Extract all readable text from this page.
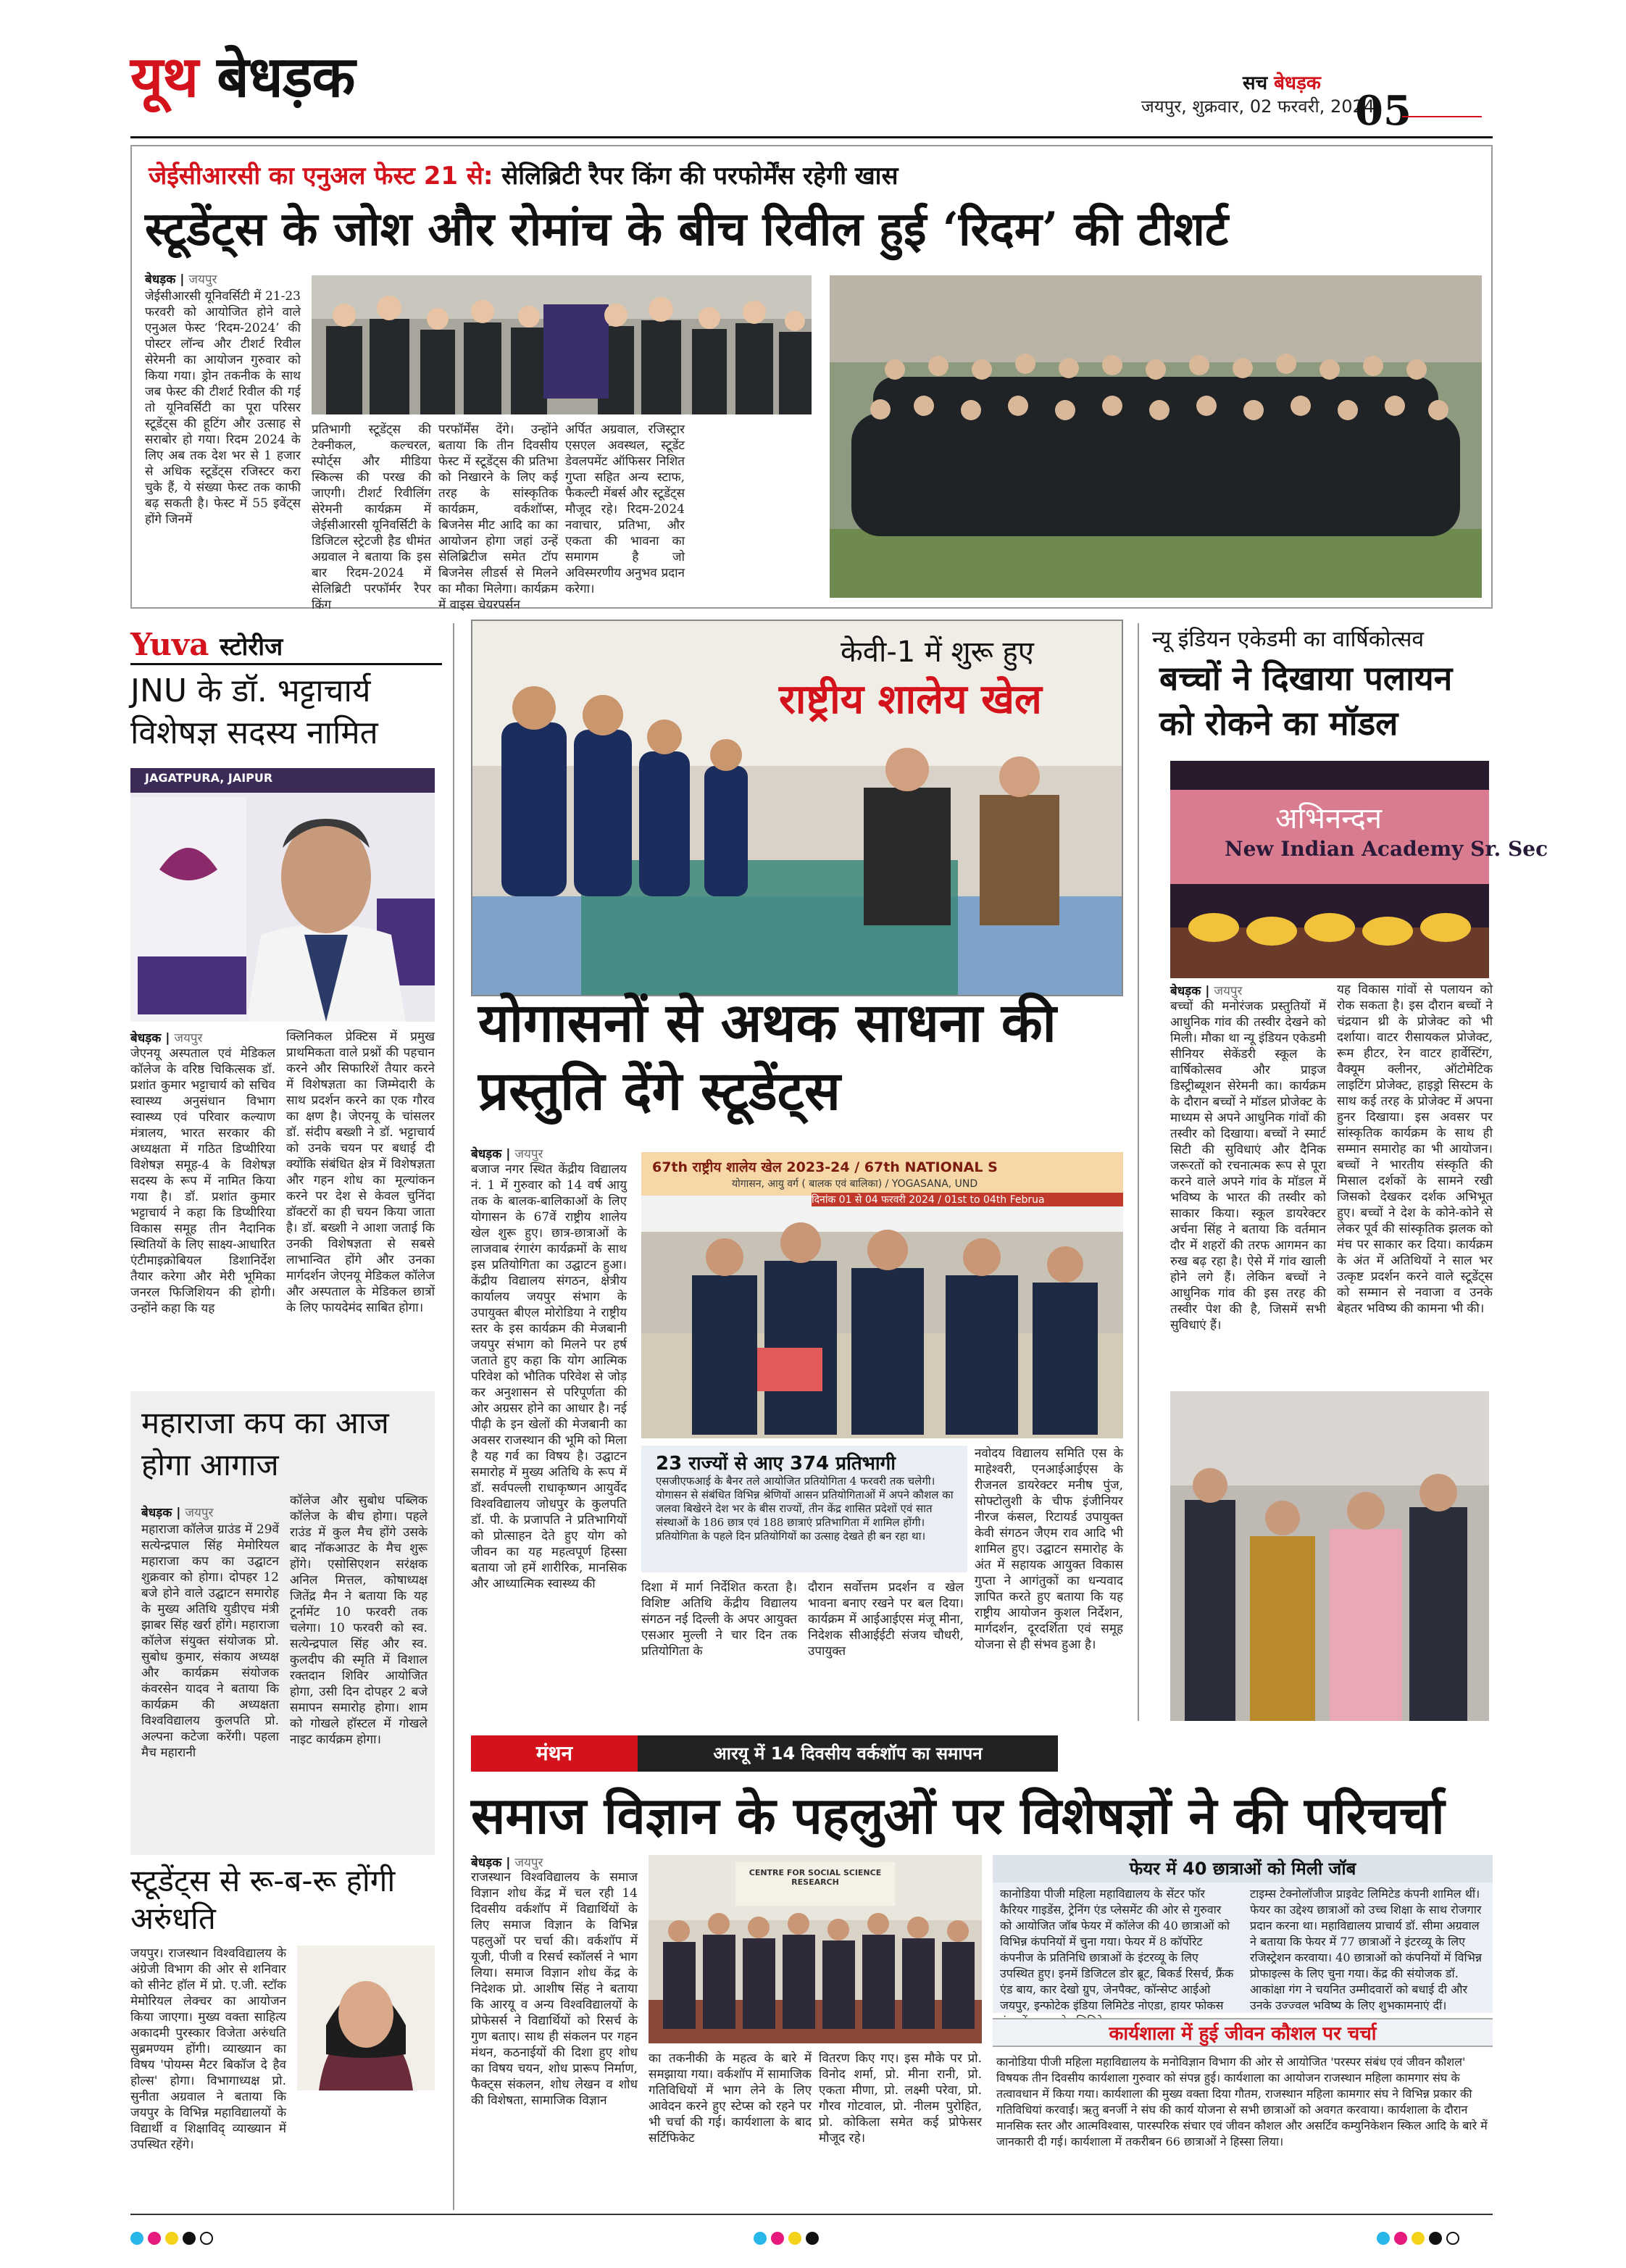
यूथ बेधड़क	सच बेधड़क
जयपुर, शुक्रवार, 02 फरवरी, 2024
05
जेईसीआरसी का एनुअल फेस्ट 21 से: सेलिब्रिटी रैपर किंग की परफोर्मेंस रहेगी खास
स्टूडेंट्स के जोश और रोमांच के बीच रिवील हुई ‘रिदम’ की टीशर्ट
बेधड़क | जयपुर
जेईसीआरसी यूनिवर्सिटी में 21-23 फरवरी को आयोजित होने वाले एनुअल फेस्ट ‘रिदम-2024’ की पोस्टर लॉन्च और टीशर्ट रिवील सेरेमनी का आयोजन गुरुवार को किया गया। ड्रोन तकनीक के साथ जब फेस्ट की टीशर्ट रिवील की गई तो यूनिवर्सिटी का पूरा परिसर स्टूडेंट्स की हूटिंग और उत्साह से सराबोर हो गया। रिदम 2024 के लिए अब तक देश भर से 1 हजार से अधिक स्टूडेंट्स रजिस्टर करा चुके हैं, ये संख्या फेस्ट तक काफी बढ़ सकती है। फेस्ट में 55 इवेंट्स होंगे जिनमें
प्रतिभागी स्टूडेंट्स की टेक्नीकल, कल्चरल, स्पोर्ट्स और मीडिया स्किल्स की परख की जाएगी। टीशर्ट रिवीलिंग सेरेमनी कार्यक्रम में जेईसीआरसी यूनिवर्सिटी के डिजिटल स्ट्रेटजी हैड धीमंत अग्रवाल ने बताया कि इस बार रिदम-2024 में सेलिब्रिटी परफॉर्मर रैपर किंग
परफॉर्मेंस देंगे। उन्होंने बताया कि तीन दिवसीय फेस्ट में स्टूडेंट्स की प्रतिभा को निखारने के लिए कई तरह के सांस्कृतिक कार्यक्रम, वर्कशॉप्स, बिजनेस मीट आदि का का आयोजन होगा जहां उन्हें सेलिब्रिटीज समेत टॉप बिजनेस लीडर्स से मिलने का मौका मिलेगा। कार्यक्रम में वाइस चेयरपर्सन
अर्पित अग्रवाल, रजिस्ट्रार एसएल अवस्थल, स्टूडेंट डेवलपमेंट ऑफिसर निशित गुप्ता सहित अन्य स्टाफ, फैकल्टी मेंबर्स और स्टूडेंट्स मौजूद रहे। रिदम-2024 नवाचार, प्रतिभा, और एकता की भावना का समागम है जो अविस्मरणीय अनुभव प्रदान करेगा।
Yuva स्टोरीज
JNU के डॉ. भट्टाचार्य विशेषज्ञ सदस्य नामित
JAGATPURA, JAIPUR
बेधड़क | जयपुर
जेएनयू अस्पताल एवं मेडिकल कॉलेज के वरिष्ठ चिकित्सक डॉ. प्रशांत कुमार भट्टाचार्य को सचिव स्वास्थ्य अनुसंधान विभाग स्वास्थ्य एवं परिवार कल्याण मंत्रालय, भारत सरकार की अध्यक्षता में गठित डिप्थीरिया विशेषज्ञ समूह-4 के विशेषज्ञ सदस्य के रूप में नामित किया गया है। डॉ. प्रशांत कुमार भट्टाचार्य ने कहा कि डिप्थीरिया विकास समूह तीन नैदानिक स्थितियों के लिए साक्ष्य-आधारित एंटीमाइक्रोबियल डिशानिर्देश तैयार करेगा और मेरी भूमिका जनरल फिजिशियन की होगी। उन्होंने कहा कि यह
क्लिनिकल प्रेक्टिस में प्रमुख प्राथमिकता वाले प्रश्नों की पहचान करने और सिफारिशें तैयार करने में विशेषज्ञता का जिम्मेदारी के साथ प्रदर्शन करने का एक गौरव का क्षण है। जेएनयू के चांसलर डॉ. संदीप बख्शी ने डॉ. भट्टाचार्य को उनके चयन पर बधाई दी क्योंकि संबंधित क्षेत्र में विशेषज्ञता और गहन शोध का मूल्यांकन करने पर देश से केवल चुनिंदा डॉक्टरों का ही चयन किया जाता है। डॉ. बख्शी ने आशा जताई कि उनकी विशेषज्ञता से सबसे लाभान्वित होंगे और उनका मार्गदर्शन जेएनयू मेडिकल कॉलेज और अस्पताल के मेडिकल छात्रों के लिए फायदेमंद साबित होगा।
महाराजा कप का आज होगा आगाज
बेधड़क | जयपुर
महाराजा कॉलेज ग्राउंड में 29वें सत्येन्द्रपाल सिंह मेमोरियल महाराजा कप का उद्घाटन शुक्रवार को होगा। दोपहर 12 बजे होने वाले उद्घाटन समारोह के मुख्य अतिथि युडीएच मंत्री झाबर सिंह खर्रा होंगे। महाराजा कॉलेज संयुक्त संयोजक प्रो. सुबोध कुमार, संकाय अध्यक्ष और कार्यक्रम संयोजक कंवरसेन यादव ने बताया कि कार्यक्रम की अध्यक्षता विश्वविद्यालय कुलपति प्रो. अल्पना कटेजा करेंगी। पहला मैच महारानी
कॉलेज और सुबोध पब्लिक कॉलेज के बीच होगा। पहले राउंड में कुल मैच होंगे उसके बाद नॉकआउट के मैच शुरू होंगे। एसोसिएशन सरंक्षक अनिल मित्तल, कोषाध्यक्ष जितेंद्र मैन ने बताया कि यह टूर्नामेंट 10 फरवरी तक चलेगा। 10 फरवरी को स्व. सत्येन्द्रपाल सिंह और स्व. कुलदीप की स्मृति में विशाल रक्तदान शिविर आयोजित होगा, उसी दिन दोपहर 2 बजे समापन समारोह होगा। शाम को गोखले हॉस्टल में गोखले नाइट कार्यक्रम होगा।
स्टूडेंट्स से रू-ब-रू होंगी अरुंधति
जयपुर। राजस्थान विश्वविद्यालय के अंग्रेजी विभाग की ओर से शनिवार को सीनेट हॉल में प्रो. ए.जी. स्टॉक मेमोरियल लेक्चर का आयोजन किया जाएगा। मुख्य वक्ता साहित्य अकादमी पुरस्कार विजेता अरुंधति सुब्रमण्यम होंगी। व्याख्यान का विषय 'पोयम्स मैटर बिकॉज दे हैव होल्स' होगा। विभागाध्यक्ष प्रो. सुनीता अग्रवाल ने बताया कि जयपुर के विभिन्न महाविद्यालयों के विद्यार्थी व शिक्षाविद् व्याख्यान में उपस्थित रहेंगे।
केवी-1 में शुरू हुए
राष्ट्रीय शालेय खेल
योगासनों से अथक साधना की प्रस्तुति देंगे स्टूडेंट्स
बेधड़क | जयपुर
बजाज नगर स्थित केंद्रीय विद्यालय नं. 1 में गुरुवार को 14 वर्ष आयु तक के बालक-बालिकाओं के लिए योगासन के 67वें राष्ट्रीय शालेय खेल शुरू हुए। छात्र-छात्राओं के लाजवाब रंगारंग कार्यक्रमों के साथ इस प्रतियोगिता का उद्घाटन हुआ। केंद्रीय विद्यालय संगठन, क्षेत्रीय कार्यालय जयपुर संभाग के उपायुक्त बीएल मोरोडिया ने राष्ट्रीय स्तर के इस कार्यक्रम की मेजबानी जयपुर संभाग को मिलने पर हर्ष जताते हुए कहा कि योग आत्मिक परिवेश को भौतिक परिवेश से जोड़ कर अनुशासन से परिपूर्णता की ओर अग्रसर होने का आधार है। नई पीढ़ी के इन खेलों की मेजबानी का अवसर राजस्थान की भूमि को मिला है यह गर्व का विषय है। उद्घाटन समारोह में मुख्य अतिथि के रूप में डॉ. सर्वपल्ली राधाकृष्णन आयुर्वेद विश्वविद्यालय जोधपुर के कुलपति डॉ. पी. के प्रजापति ने प्रतिभागियों को प्रोत्साहन देते हुए योग को जीवन का यह महत्वपूर्ण हिस्सा बताया जो हमें शारीरिक, मानसिक और आध्यात्मिक स्वास्थ्य की
67th राष्ट्रीय शालेय खेल 2023-24 / 67th NATIONAL S
योगासन, आयु वर्ग ( बालक एवं बालिका) / YOGASANA, UND
दिनांक 01 से 04 फरवरी 2024 / 01st to 04th Februa
23 राज्यों से आए 374 प्रतिभागी
एसजीएफआई के बैनर तले आयोजित प्रतियोगिता 4 फरवरी तक चलेगी। योगासन से संबंधित विभिन्न श्रेणियों आसन प्रतियोगिताओं में अपने कौशल का जलवा बिखेरने देश भर के बीस राज्यों, तीन केंद्र शासित प्रदेशों एवं सात संस्थाओं के 186 छात्र एवं 188 छात्राएं प्रतिभागिता में शामिल होंगी। प्रतियोगिता के पहले दिन प्रतियोगियों का उत्साह देखते ही बन रहा था।
दिशा में मार्ग निर्देशित करता है। विशिष्ट अतिथि केंद्रीय विद्यालय संगठन नई दिल्ली के अपर आयुक्त एसआर मुल्ली ने चार दिन तक प्रतियोगिता के
दौरान सर्वोत्तम प्रदर्शन व खेल भावना बनाए रखने पर बल दिया। कार्यक्रम में आईआईएस मंजू मीना, निदेशक सीआईईटी संजय चौधरी, उपायुक्त
नवोदय विद्यालय समिति एस के माहेश्वरी, एनआईआईएस के रीजनल डायरेक्टर मनीष पुंज, सोफ्टोलुशी के चीफ इंजीनियर नीरज कंसल, रिटायर्ड उपायुक्त केवी संगठन जैएम राव आदि भी शामिल हुए। उद्घाटन समारोह के अंत में सहायक आयुक्त विकास गुप्ता ने आगंतुकों का धन्यवाद ज्ञापित करते हुए बताया कि यह राष्ट्रीय आयोजन कुशल निर्देशन, मार्गदर्शन, दूरदर्शिता एवं समूह योजना से ही संभव हुआ है।
न्यू इंडियन एकेडमी का वार्षिकोत्सव
बच्चों ने दिखाया पलायन को रोकने का मॉडल
अभिनन्दन
New Indian Academy Sr. Sec
बेधड़क | जयपुर
बच्चों की मनोरंजक प्रस्तुतियों में आधुनिक गांव की तस्वीर देखने को मिली। मौका था न्यू इंडियन एकेडमी सीनियर सेकेंडरी स्कूल के वार्षिकोत्सव और प्राइज डिस्ट्रीब्यूशन सेरेमनी का। कार्यक्रम के दौरान बच्चों ने मॉडल प्रोजेक्ट के माध्यम से अपने आधुनिक गांवों की तस्वीर को दिखाया। बच्चों ने स्मार्ट सिटी की सुविधाएं और दैनिक जरूरतों को रचनात्मक रूप से पूरा करने वाले अपने गांव के मॉडल में भविष्य के भारत की तस्वीर को साकार किया। स्कूल डायरेक्टर अर्चना सिंह ने बताया कि वर्तमान दौर में शहरों की तरफ आगमन का रुख बढ़ रहा है। ऐसे में गांव खाली होने लगे हैं। लेकिन बच्चों ने आधुनिक गांव की इस तरह की तस्वीर पेश की है, जिसमें सभी सुविधाएं हैं।
यह विकास गांवों से पलायन को रोक सकता है। इस दौरान बच्चों ने चंद्रयान थ्री के प्रोजेक्ट को भी दर्शाया। वाटर रीसायकल प्रोजेक्ट, रूम हीटर, रेन वाटर हार्वेस्टिंग, वैक्यूम क्लीनर, ऑटोमेटिक लाइटिंग प्रोजेक्ट, हाइड्रो सिस्टम के साथ कई तरह के प्रोजेक्ट में अपना हुनर दिखाया। इस अवसर पर सांस्कृतिक कार्यक्रम के साथ ही सम्मान समारोह का भी आयोजन। बच्चों ने भारतीय संस्कृति की मिसाल दर्शकों के सामने रखी जिसको देखकर दर्शक अभिभूत हुए। बच्चों ने देश के कोने-कोने से लेकर पूर्व की सांस्कृतिक झलक को मंच पर साकार कर दिया। कार्यक्रम के अंत में अतिथियों ने साल भर उत्कृष्ट प्रदर्शन करने वाले स्टूडेंट्स को सम्मान से नवाजा व उनके बेहतर भविष्य की कामना भी की।
मंथन	आरयू में 14 दिवसीय वर्कशॉप का समापन
समाज विज्ञान के पहलुओं पर विशेषज्ञों ने की परिचर्चा
बेधड़क | जयपुर
राजस्थान विश्वविद्यालय के समाज विज्ञान शोध केंद्र में चल रही 14 दिवसीय वर्कशॉप में विद्यार्थियों के लिए समाज विज्ञान के विभिन्न पहलुओं पर चर्चा की। वर्कशॉप में यूजी, पीजी व रिसर्च स्कॉलर्स ने भाग लिया। समाज विज्ञान शोध केंद्र के निदेशक प्रो. आशीष सिंह ने बताया कि आरयू व अन्य विश्वविद्यालयों के प्रोफेसर्स ने विद्यार्थियों को रिसर्च के गुण बताए। साथ ही संकलन पर गहन मंथन, कठनाईयों की दिशा हुए शोध का विषय चयन, शोध प्रारूप निर्माण, फैक्ट्स संकलन, शोध लेखन व शोध की विशेषता, सामाजिक विज्ञान
CENTRE FOR SOCIAL SCIENCE RESEARCH
का तकनीकी के महत्व के बारे में समझाया गया। वर्कशॉप में सामाजिक गतिविधियों में भाग लेने के लिए आवेदन करने हुए स्टेप्स को रहने पर भी चर्चा की गई। कार्यशाला के बाद सर्टिफिकेट
वितरण किए गए। इस मौके पर प्रो. विनोद शर्मा, प्रो. मीना रानी, प्रो. एकता मीणा, प्रो. लक्ष्मी परेवा, प्रो. गौरव गोटवाल, प्रो. नीलम पुरोहित, प्रो. कोकिला समेत कई प्रोफेसर मौजूद रहे।
फेयर में 40 छात्राओं को मिली जॉब
कानोडिया पीजी महिला महाविद्यालय के सेंटर फॉर कैरियर गाइडेंस, ट्रेनिंग एंड प्लेसमेंट की ओर से गुरुवार को आयोजित जॉब फेयर में कॉलेज की 40 छात्राओं को विभिन्न कंपनियों में चुना गया। फेयर में 8 कॉर्पोरेट कंपनीज के प्रतिनिधि छात्राओं के इंटरव्यू के लिए उपस्थित हुए। इनमें डिजिटल डोर ब्रूट, बिकर्ड रिसर्च, फ्रैंक एंड बाय, कार देखो ग्रुप, जेनपैक्ट, कॉन्सेप्ट आईओ जयपुर, इन्फोटेक इंडिया लिमिटेड नोएडा, हायर फोकस
टाइम्स टेक्नोलॉजीज प्राइवेट लिमिटेड कंपनी शामिल थीं। फेयर का उद्देश्य छात्राओं को उच्च शिक्षा के साथ रोजगार प्रदान करना था। महाविद्यालय प्राचार्य डॉ. सीमा अग्रवाल ने बताया कि फेयर में 77 छात्राओं ने इंटरव्यू के लिए रजिस्ट्रेशन करवाया। 40 छात्राओं को कंपनियों में विभिन्न प्रोफाइल्स के लिए चुना गया। केंद्र की संयोजक डॉ. आकांक्षा गंग ने चयनित उम्मीदवारों को बधाई दी और उनके उज्ज्वल भविष्य के लिए शुभकामनाएं दीं।
कार्यशाला में हुई जीवन कौशल पर चर्चा
कानोडिया पीजी महिला महाविद्यालय के मनोविज्ञान विभाग की ओर से आयोजित 'परस्पर संबंध एवं जीवन कौशल' विषयक तीन दिवसीय कार्यशाला गुरुवार को संपन्न हुई। कार्यशाला का आयोजन राजस्थान महिला कामगार संघ के तत्वावधान में किया गया। कार्यशाला की मुख्य वक्ता दिया गौतम, राजस्थान महिला कामगार संघ ने विभिन्न प्रकार की गतिविधियां करवाईं। ऋतु बनर्जी ने संघ की कार्य योजना से सभी छात्राओं को अवगत करवाया। कार्यशाला के दौरान मानसिक स्तर और आत्मविश्वास, पारस्परिक संचार एवं जीवन कौशल और असर्टिव कम्युनिकेशन स्किल आदि के बारे में जानकारी दी गई। कार्यशाला में तकरीबन 66 छात्राओं ने हिस्सा लिया।
